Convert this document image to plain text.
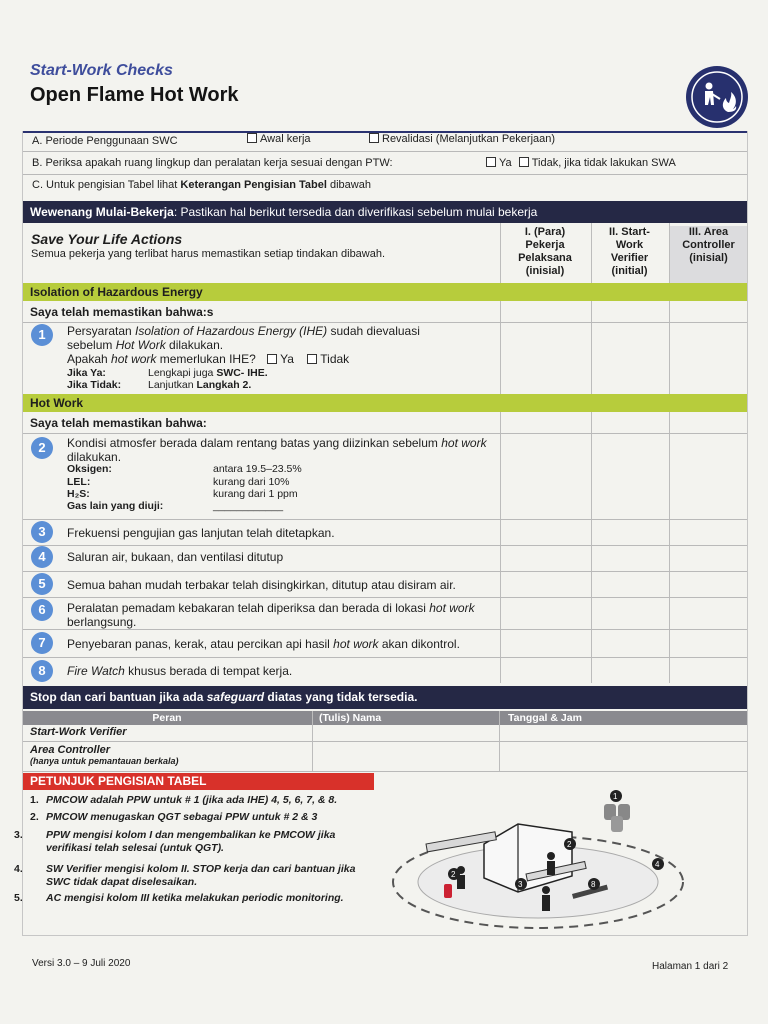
Start-Work Checks
Open Flame Hot Work
A. Periode Penggunaan SWC	Awal kerja	Revalidasi (Melanjutkan Pekerjaan)
B. Periksa apakah ruang lingkup dan peralatan kerja sesuai dengan PTW:	Ya Tidak, jika tidak lakukan SWA
C. Untuk pengisian Tabel lihat Keterangan Pengisian Tabel dibawah
Wewenang Mulai-Bekerja: Pastikan hal berikut tersedia dan diverifikasi sebelum mulai bekerja
Save Your Life Actions
Semua pekerja yang terlibat harus memastikan setiap tindakan dibawah.
I. (Para)
Pekerja
Pelaksana
(inisial)
II. Start-
Work
Verifier
(initial)
III. Area
Controller
(inisial)
Isolation of Hazardous Energy
Saya telah memastikan bahwa:s
1	Persyaratan Isolation of Hazardous Energy (IHE) sudah dievaluasi
sebelum Hot Work dilakukan.
Apakah hot work memerlukan IHE? Ya Tidak
Jika Ya:	Lengkapi juga SWC- IHE.
Jika Tidak:	Lanjutkan Langkah 2.
Hot Work
Saya telah memastikan bahwa:
2	Kondisi atmosfer berada dalam rentang batas yang diizinkan sebelum hot work dilakukan.
Oksigen:	antara 19.5–23.5%
LEL:	kurang dari 10%
H₂S:	kurang dari 1 ppm
Gas lain yang diuji:	____________
3	Frekuensi pengujian gas lanjutan telah ditetapkan.
4	Saluran air, bukaan, dan ventilasi ditutup
5	Semua bahan mudah terbakar telah disingkirkan, ditutup atau disiram air.
6	Peralatan pemadam kebakaran telah diperiksa dan berada di lokasi hot work berlangsung.
7	Penyebaran panas, kerak, atau percikan api hasil hot work akan dikontrol.
8	Fire Watch khusus berada di tempat kerja.
Stop dan cari bantuan jika ada safeguard diatas yang tidak tersedia.
Peran	(Tulis) Nama	Tanggal & Jam
Start-Work Verifier
Area Controller
(hanya untuk pemantauan berkala)
PETUNJUK PENGISIAN TABEL
1. PMCOW adalah PPW untuk # 1 (jika ada IHE) 4, 5, 6, 7, & 8.
2. PMCOW menugaskan QGT sebagai PPW untuk # 2 & 3
3. PPW mengisi kolom I dan mengembalikan ke PMCOW jika verifikasi telah selesai (untuk QGT).
4. SW Verifier mengisi kolom II. STOP kerja dan cari bantuan jika SWC tidak dapat diselesaikan.
5. AC mengisi kolom III ketika melakukan periodic monitoring.
1
2
4
3	8
2
Versi 3.0 – 9 Juli 2020	Halaman 1 dari 2
